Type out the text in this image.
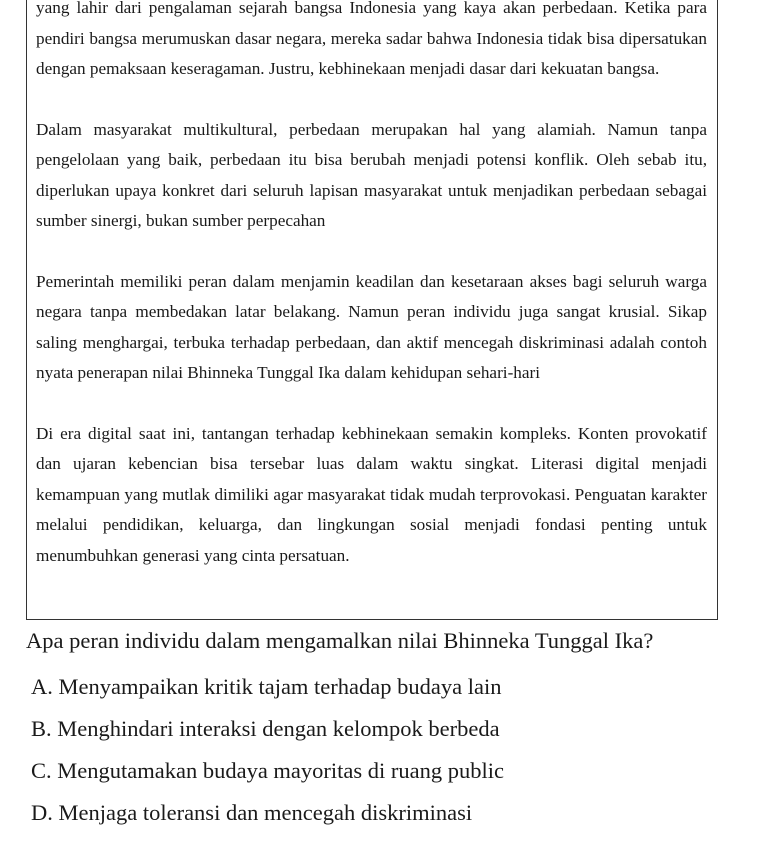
yang lahir dari pengalaman sejarah bangsa Indonesia yang kaya akan perbedaan. Ketika para pendiri bangsa merumuskan dasar negara, mereka sadar bahwa Indonesia tidak bisa dipersatukan dengan pemaksaan keseragaman. Justru, kebhinekaan menjadi dasar dari kekuatan bangsa.

Dalam masyarakat multikultural, perbedaan merupakan hal yang alamiah. Namun tanpa pengelolaan yang baik, perbedaan itu bisa berubah menjadi potensi konflik. Oleh sebab itu, diperlukan upaya konkret dari seluruh lapisan masyarakat untuk menjadikan perbedaan sebagai sumber sinergi, bukan sumber perpecahan

Pemerintah memiliki peran dalam menjamin keadilan dan kesetaraan akses bagi seluruh warga negara tanpa membedakan latar belakang. Namun peran individu juga sangat krusial. Sikap saling menghargai, terbuka terhadap perbedaan, dan aktif mencegah diskriminasi adalah contoh nyata penerapan nilai Bhinneka Tunggal Ika dalam kehidupan sehari-hari

Di era digital saat ini, tantangan terhadap kebhinekaan semakin kompleks. Konten provokatif dan ujaran kebencian bisa tersebar luas dalam waktu singkat. Literasi digital menjadi kemampuan yang mutlak dimiliki agar masyarakat tidak mudah terprovokasi. Penguatan karakter melalui pendidikan, keluarga, dan lingkungan sosial menjadi fondasi penting untuk menumbuhkan generasi yang cinta persatuan.

Apa peran individu dalam mengamalkan nilai Bhinneka Tunggal Ika?

A. Menyampaikan kritik tajam terhadap budaya lain
B. Menghindari interaksi dengan kelompok berbeda
C. Mengutamakan budaya mayoritas di ruang public
D. Menjaga toleransi dan mencegah diskriminasi
